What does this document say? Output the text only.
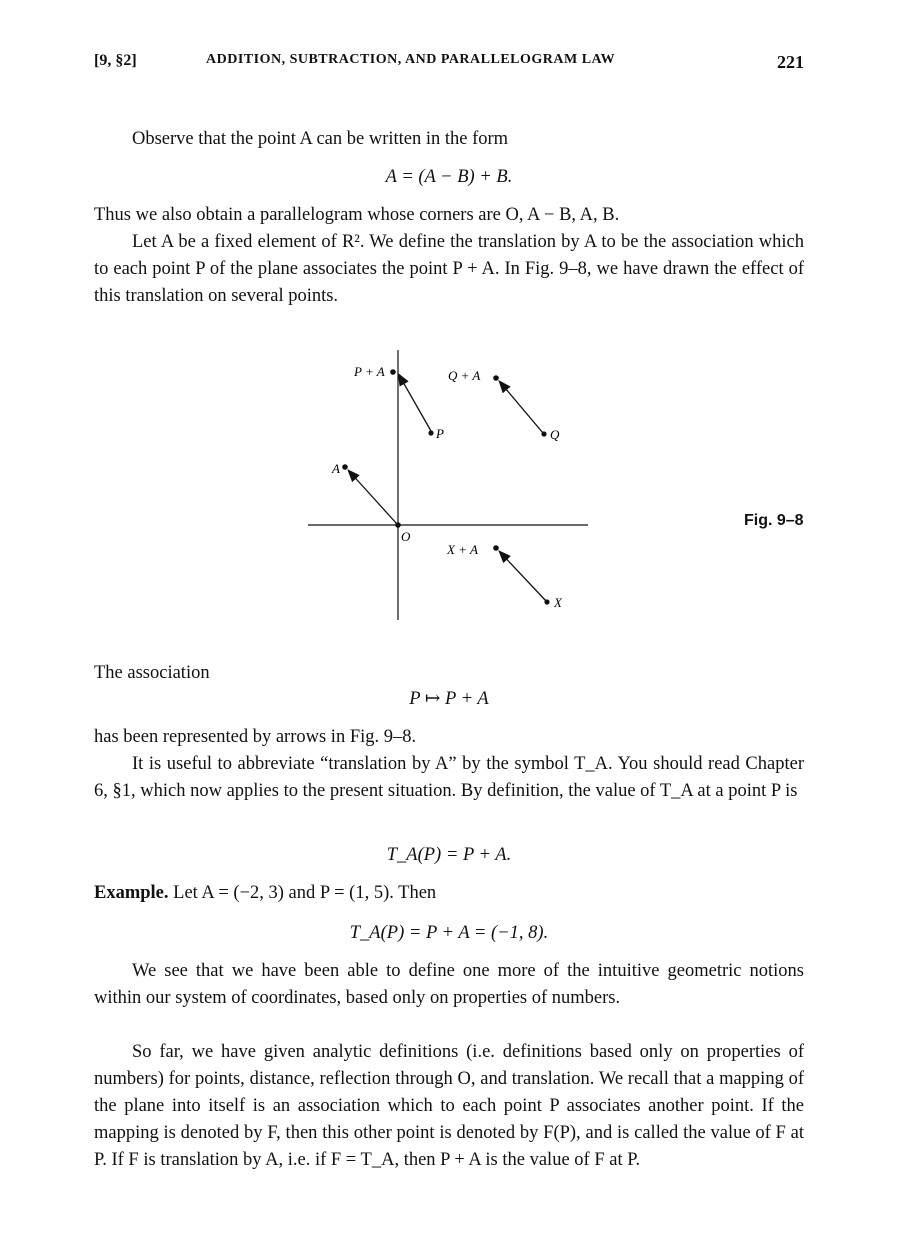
[9, §2]	ADDITION, SUBTRACTION, AND PARALLELOGRAM LAW	221

Observe that the point A can be written in the form

A = (A − B) + B.

Thus we also obtain a parallelogram whose corners are O, A − B, A, B.

Let A be a fixed element of R². We define the translation by A to be the association which to each point P of the plane associates the point P + A. In Fig. 9–8, we have drawn the effect of this translation on several points.

P + A	Q + A
P	Q
A
O
X + A
X
Fig. 9–8

The association

P ↦ P + A

has been represented by arrows in Fig. 9–8.

It is useful to abbreviate “translation by A” by the symbol T_A. You should read Chapter 6, §1, which now applies to the present situation. By definition, the value of T_A at a point P is

T_A(P) = P + A.

Example. Let A = (−2, 3) and P = (1, 5). Then

T_A(P) = P + A = (−1, 8).

We see that we have been able to define one more of the intuitive geometric notions within our system of coordinates, based only on properties of numbers.

So far, we have given analytic definitions (i.e. definitions based only on properties of numbers) for points, distance, reflection through O, and translation. We recall that a mapping of the plane into itself is an association which to each point P associates another point. If the mapping is denoted by F, then this other point is denoted by F(P), and is called the value of F at P. If F is translation by A, i.e. if F = T_A, then P + A is the value of F at P.
